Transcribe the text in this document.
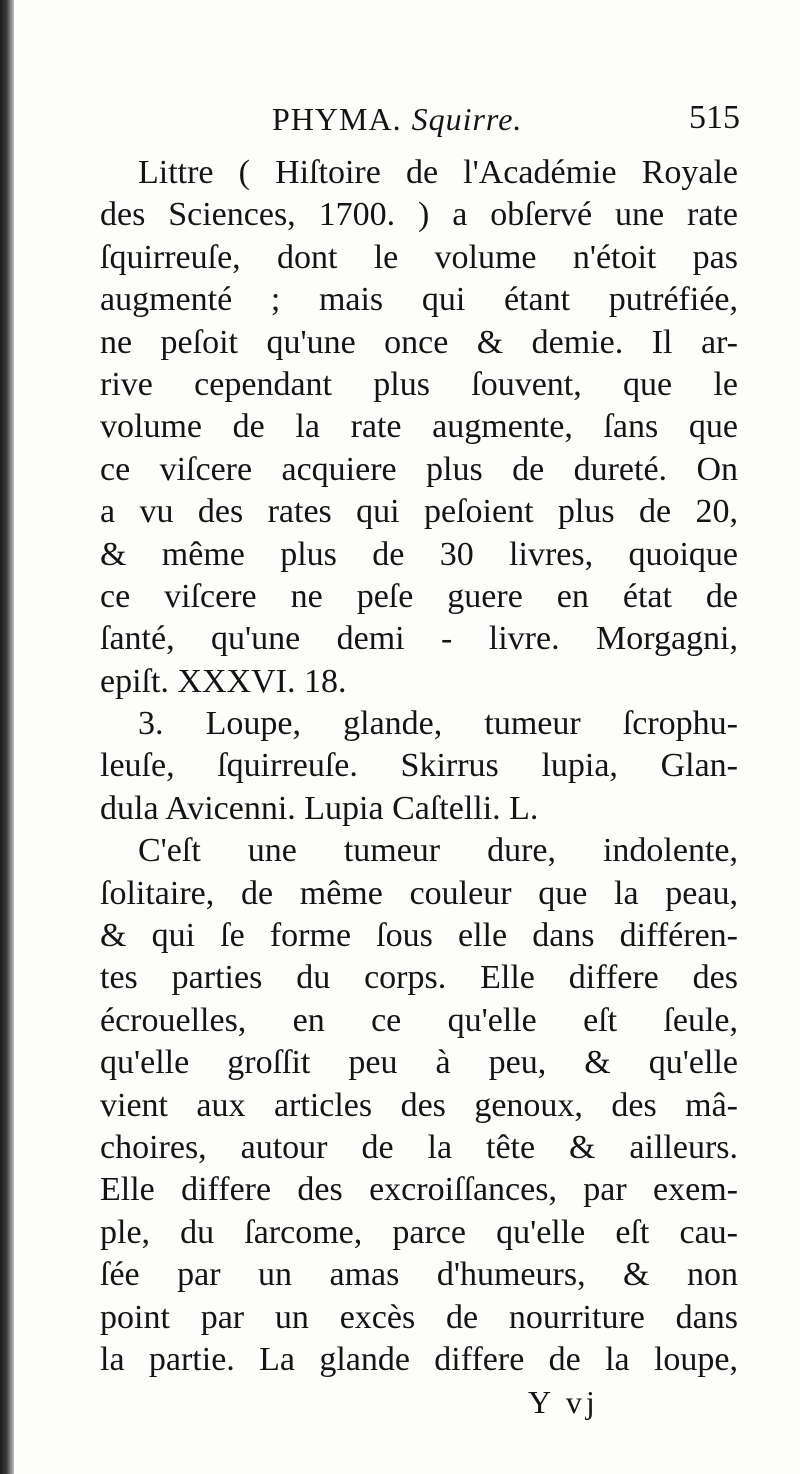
PHYMA. Squirre.	515
Littre ( Hiſtoire de l'Académie Royale
des Sciences, 1700. ) a obſervé une rate
ſquirreuſe, dont le volume n'étoit pas
augmenté ; mais qui étant putréfiée,
ne peſoit qu'une once & demie. Il ar-
rive cependant plus ſouvent, que le
volume de la rate augmente, ſans que
ce viſcere acquiere plus de dureté. On
a vu des rates qui peſoient plus de 20,
& même plus de 30 livres, quoique
ce viſcere ne peſe guere en état de
ſanté, qu'une demi - livre. Morgagni,
epiſt. XXXVI. 18.
3. Loupe, glande, tumeur ſcrophu-
leuſe, ſquirreuſe. Skirrus lupia, Glan-
dula Avicenni. Lupia Caſtelli. L.
C'eſt une tumeur dure, indolente,
ſolitaire, de même couleur que la peau,
& qui ſe forme ſous elle dans différen-
tes parties du corps. Elle differe des
écrouelles, en ce qu'elle eſt ſeule,
qu'elle groſſit peu à peu, & qu'elle
vient aux articles des genoux, des mâ-
choires, autour de la tête & ailleurs.
Elle differe des excroiſſances, par exem-
ple, du ſarcome, parce qu'elle eſt cau-
ſée par un amas d'humeurs, & non
point par un excès de nourriture dans
la partie. La glande differe de la loupe,
Y vj
